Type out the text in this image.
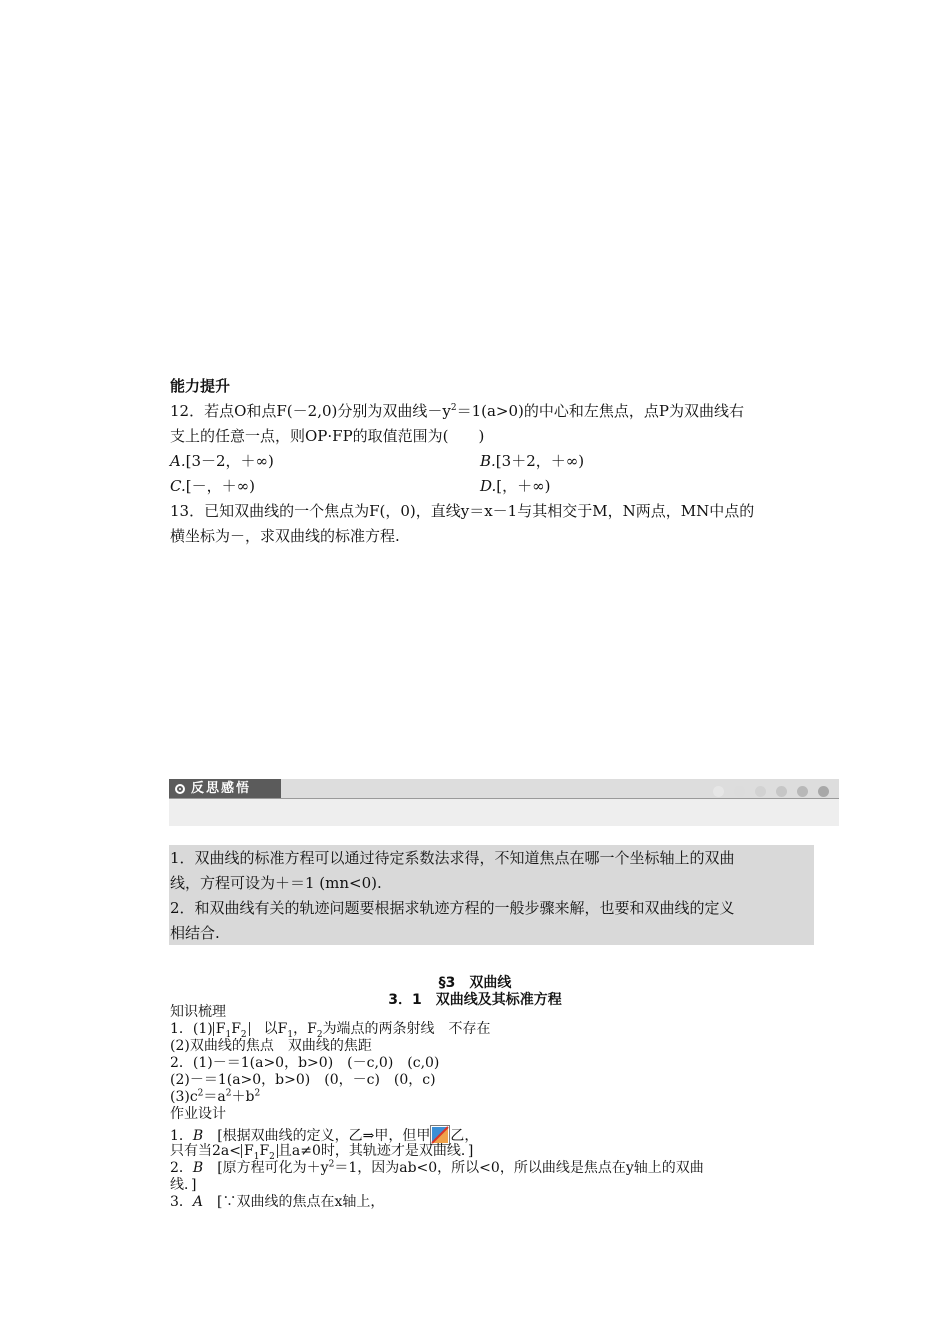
能力提升
12．若点O和点F(－2,0)分别为双曲线$-y^2=1(a>0)$的中心和左焦点，点P为双曲线右
支上的任意一点，则OP·FP的取值范围为(　　)
A.[3－2，＋∞)	B.[3＋2，＋∞)
C.[－，＋∞)	D.[，＋∞)
13．已知双曲线的一个焦点为F(，0)，直线y＝x－1与其相交于M，N两点，MN中点的
横坐标为－，求双曲线的标准方程.
反思感悟
1．双曲线的标准方程可以通过待定系数法求得，不知道焦点在哪一个坐标轴上的双曲
线，方程可设为＋＝1 (mn<0).
2．和双曲线有关的轨迹问题要根据求轨迹方程的一般步骤来解，也要和双曲线的定义
相结合.
§3　双曲线
3．1　双曲线及其标准方程
知识梳理
1．(1) $F_1F_2$　以$F_1$，$F_2$为端点的两条射线　不存在
(2)双曲线的焦点　双曲线的焦距
2．(1)－＝1(a>0，b>0)　(－c,0)　(c,0)
(2)－＝1(a>0，b>0)　(0，－c)　(0，c)
$(3)c^2=a^2+b^2$
作业设计
1．B　[根据双曲线的定义，乙⇒甲，但甲 乙，
只有当$2a< F_1F_2$ 且a≠0时，其轨迹才是双曲线．]
2．B　[原方程可化为$+y^2=1$，因为ab<0，所以<0，所以曲线是焦点在y轴上的双曲
线．]
3．A　[∵双曲线的焦点在x轴上，
